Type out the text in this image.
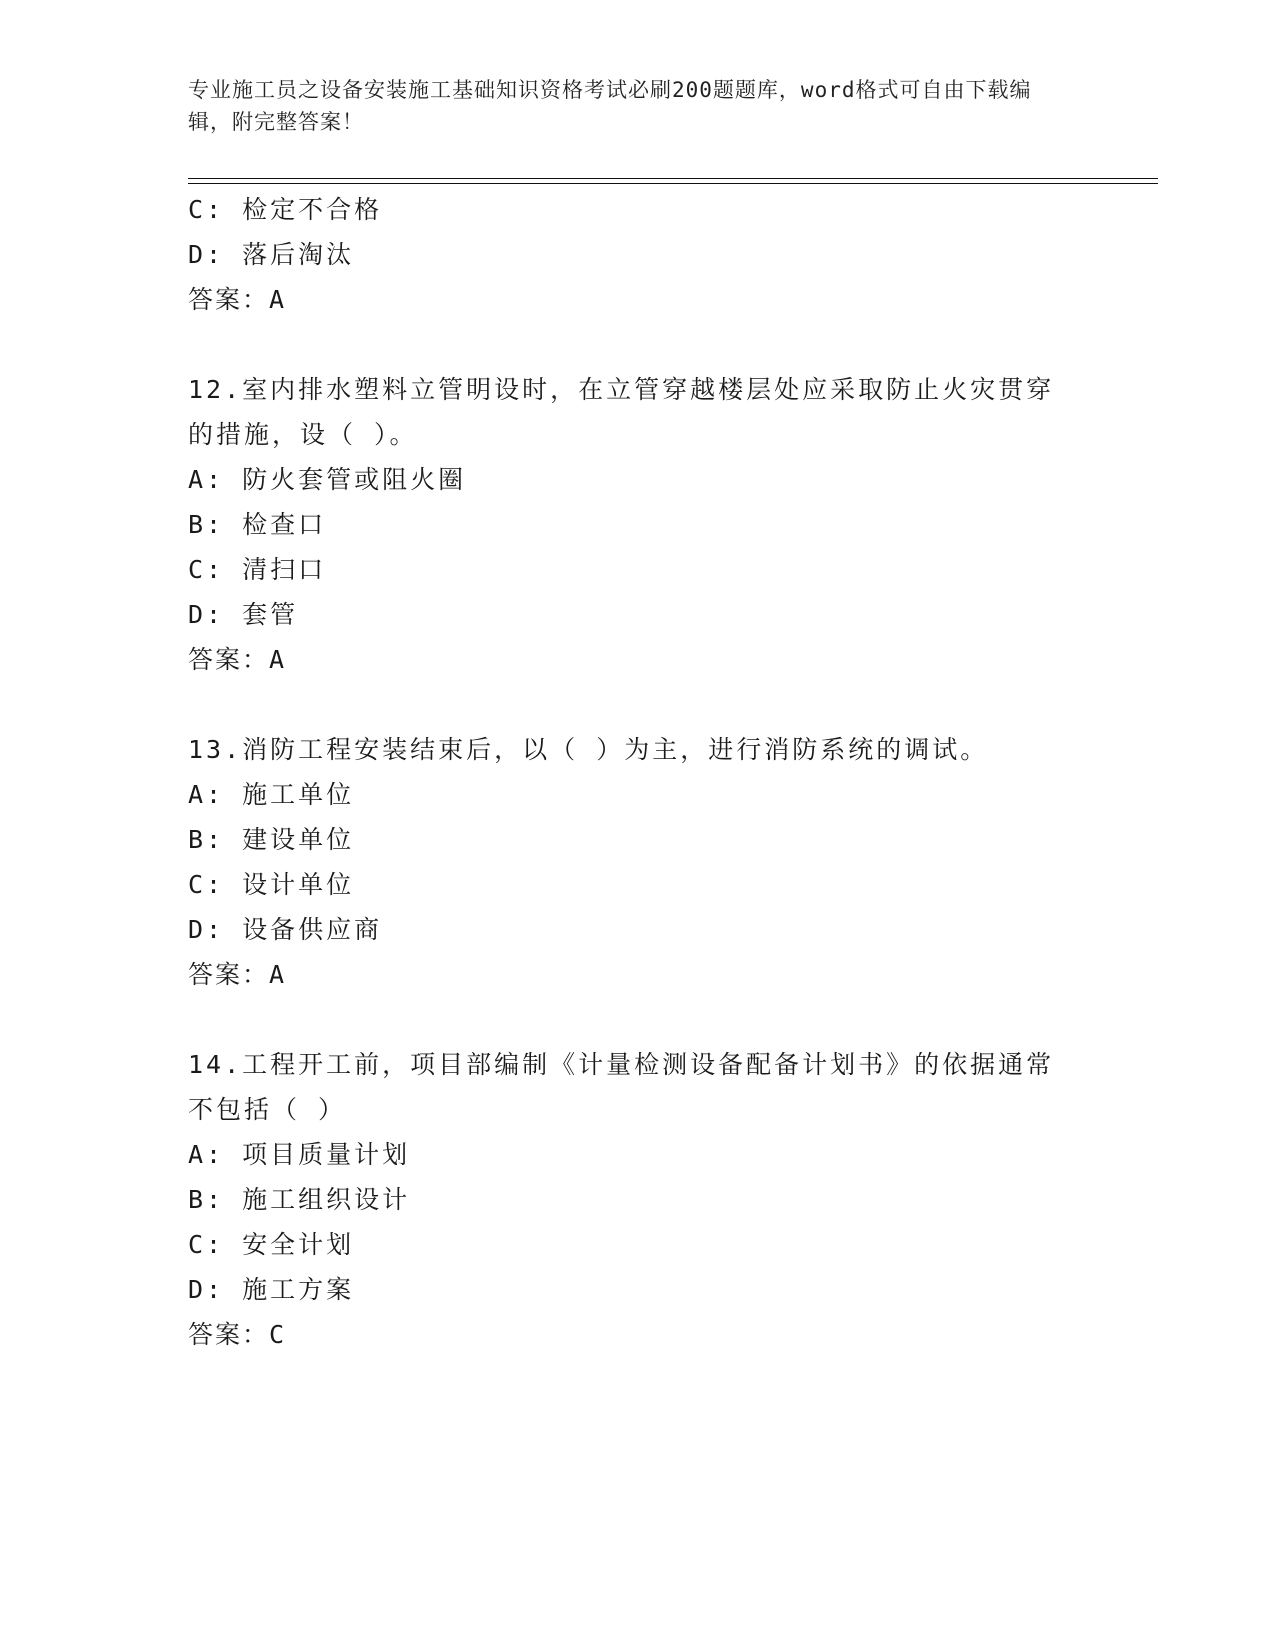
专业施工员之设备安装施工基础知识资格考试必刷200题题库，word格式可自由下载编辑，附完整答案！
C: 检定不合格
D: 落后淘汰
答案：A
12.室内排水塑料立管明设时，在立管穿越楼层处应采取防止火灾贯穿
的措施，设（ ）。
A: 防火套管或阻火圈
B: 检查口
C: 清扫口
D: 套管
答案：A
13.消防工程安装结束后，以（ ）为主，进行消防系统的调试。
A: 施工单位
B: 建设单位
C: 设计单位
D: 设备供应商
答案：A
14.工程开工前，项目部编制《计量检测设备配备计划书》的依据通常
不包括（ ）
A: 项目质量计划
B: 施工组织设计
C: 安全计划
D: 施工方案
答案：C
